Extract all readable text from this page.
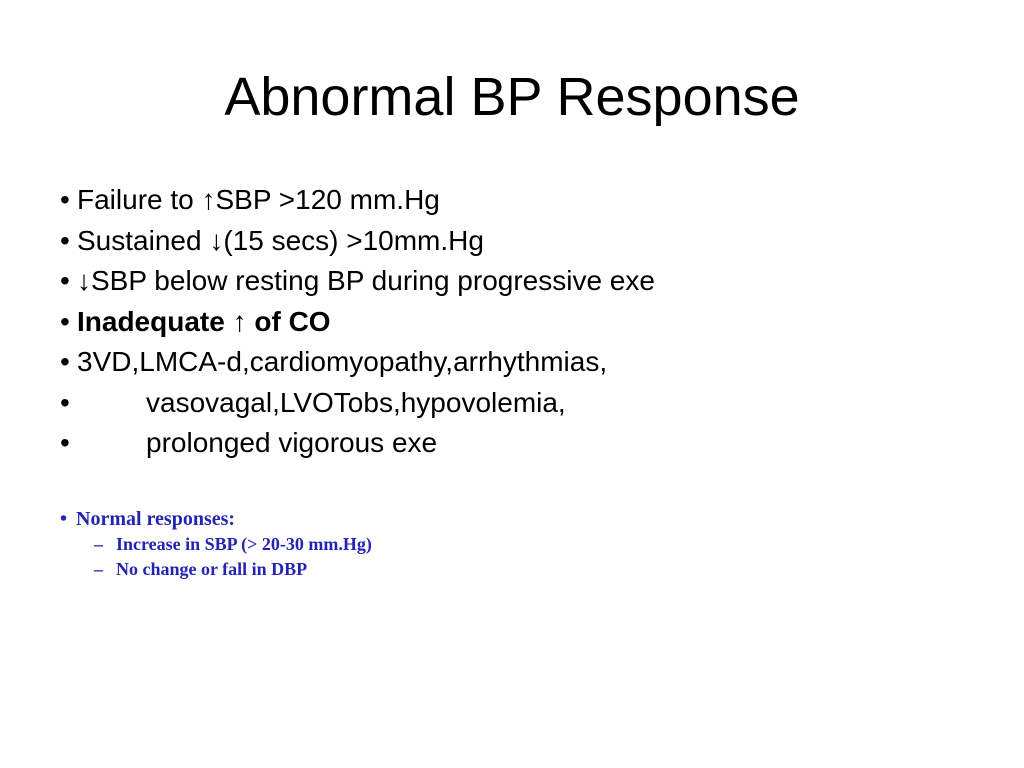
Abnormal BP Response
• Failure to ↑SBP >120 mm.Hg
• Sustained ↓(15 secs) >10mm.Hg
• ↓SBP below resting BP during progressive exe
• Inadequate ↑ of CO
• 3VD,LMCA-d,cardiomyopathy,arrhythmias,
•	vasovagal,LVOTobs,hypovolemia,
•	prolonged vigorous exe
• Normal responses:
– Increase in SBP (> 20-30 mm.Hg)
– No change or fall in DBP
